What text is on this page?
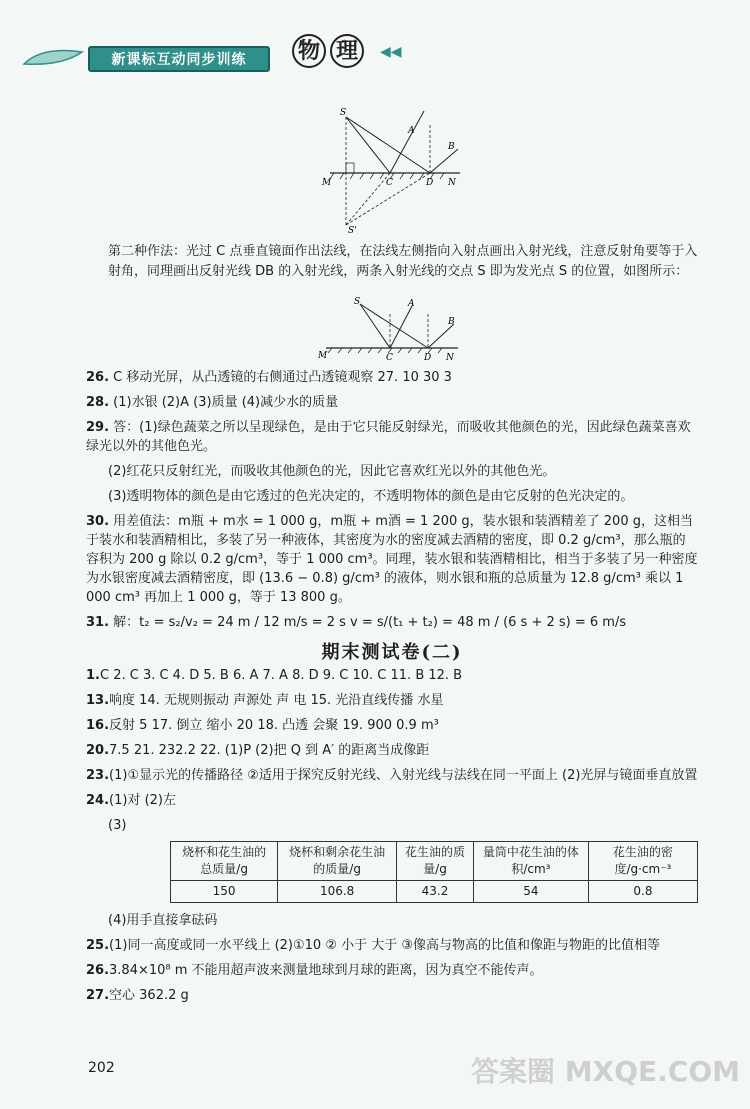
新课标互动同步训练	物 理	◀◀
S
A
B
M	C	D N
S'

第二种作法：光过 C 点垂直镜面作出法线，在法线左侧指向入射点画出入射光线，注意反射角要等于入射角，同理画出反射光线 DB 的入射光线，两条入射光线的交点 S 即为发光点 S 的位置，如图所示：

S	A
B
M	C	D N
26. C 移动光屏，从凸透镜的右侧通过凸透镜观察 27. 10 30 3
28. (1)水银 (2)A (3)质量 (4)减少水的质量
29. 答：(1)绿色蔬菜之所以呈现绿色，是由于它只能反射绿光，而吸收其他颜色的光，因此绿色蔬菜喜欢绿光以外的其他色光。
(2)红花只反射红光，而吸收其他颜色的光，因此它喜欢红光以外的其他色光。
(3)透明物体的颜色是由它透过的色光决定的，不透明物体的颜色是由它反射的色光决定的。
30. 用差值法：m瓶 + m水 = 1 000 g，m瓶 + m酒 = 1 200 g，装水银和装酒精差了 200 g，这相当于装水和装酒精相比，多装了另一种液体，其密度为水的密度减去酒精的密度，即 0.2 g/cm³，那么瓶的容积为 200 g 除以 0.2 g/cm³，等于 1 000 cm³。同理，装水银和装酒精相比，相当于多装了另一种密度为水银密度减去酒精密度，即 (13.6 − 0.8) g/cm³ 的液体，则水银和瓶的总质量为 12.8 g/cm³ 乘以 1 000 cm³ 再加上 1 000 g，等于 13 800 g。
31. 解：t₂ = s₂/v₂ = 24 m / 12 m/s = 2 s v = s/(t₁ + t₂) = 48 m / (6 s + 2 s) = 6 m/s
期末测试卷(二)
1.C 2. C 3. C 4. D 5. B 6. A 7. A 8. D 9. C 10. C 11. B 12. B
13.响度 14. 无规则振动 声源处 声 电 15. 光沿直线传播 水星
16.反射 5 17. 倒立 缩小 20 18. 凸透 会聚 19. 900 0.9 m³
20.7.5 21. 232.2 22. (1)P (2)把 Q 到 A′ 的距离当成像距
23.(1)①显示光的传播路径 ②适用于探究反射光线、入射光线与法线在同一平面上 (2)光屏与镜面垂直放置
24.(1)对 (2)左
(3)
烧杯和花生油的总质量/g	烧杯和剩余花生油的质量/g	花生油的质量/g	量筒中花生油的体积/cm³	花生油的密度/g·cm⁻³
150	106.8	43.2	54	0.8
(4)用手直接拿砝码
25.(1)同一高度或同一水平线上 (2)①10 ② 小于 大于 ③像高与物高的比值和像距与物距的比值相等
26.3.84×10⁸ m 不能用超声波来测量地球到月球的距离，因为真空不能传声。
27.空心 362.2 g
202	答案圈 MXQE.COM
